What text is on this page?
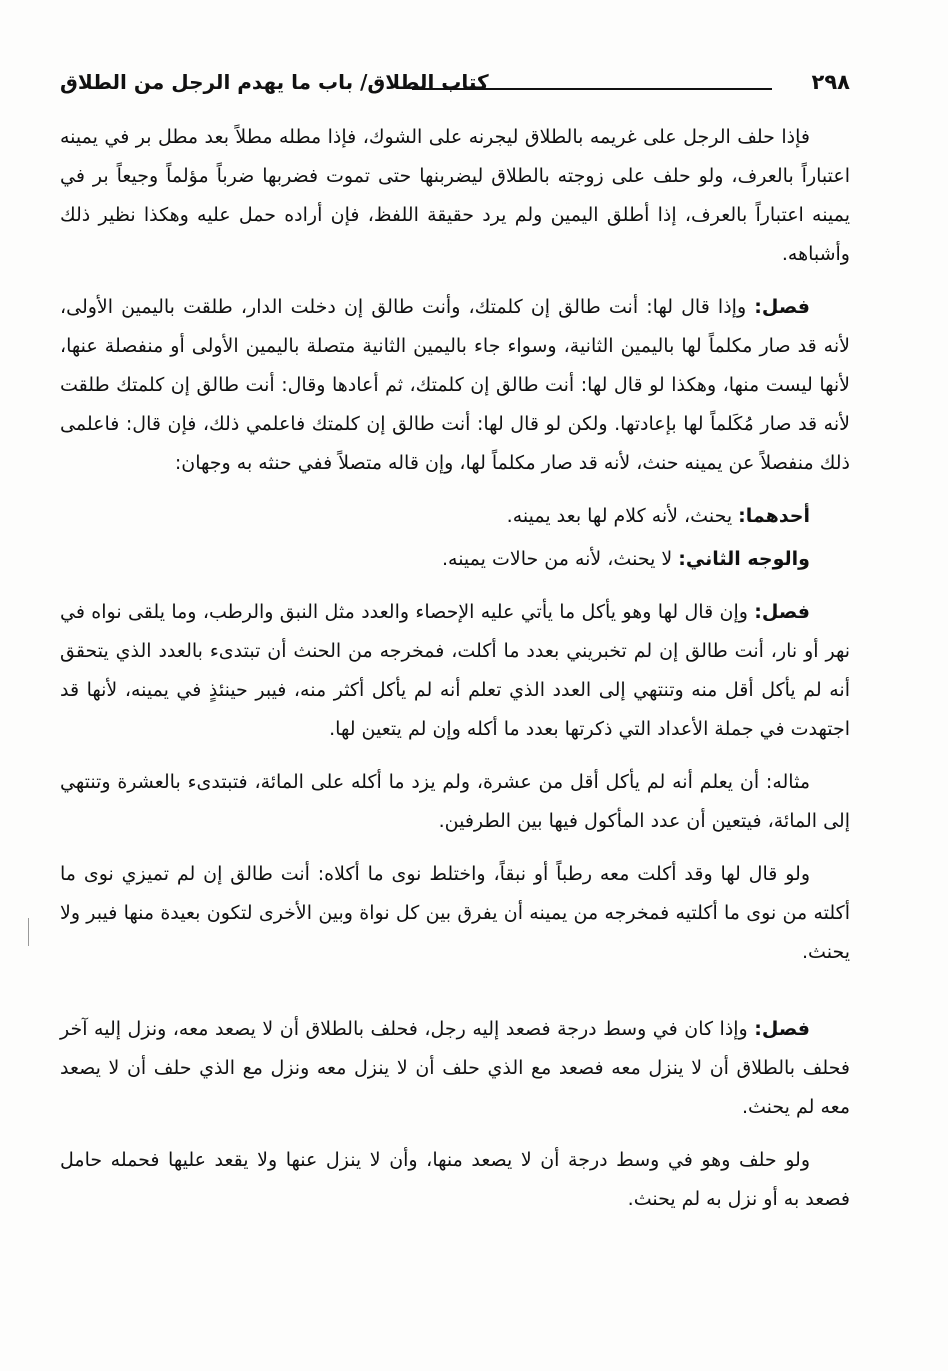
٢٩٨
كتاب الطلاق/ باب ما يهدم الرجل من الطلاق

فإذا حلف الرجل على غريمه بالطلاق ليجرنه على الشوك، فإذا مطله مطلاً بعد مطل بر في يمينه اعتباراً بالعرف، ولو حلف على زوجته بالطلاق ليضربنها حتى تموت فضربها ضرباً مؤلماً وجيعاً بر في يمينه اعتباراً بالعرف، إذا أطلق اليمين ولم يرد حقيقة اللفظ، فإن أراده حمل عليه وهكذا نظير ذلك وأشباهه.

فصل: وإذا قال لها: أنت طالق إن كلمتك، وأنت طالق إن دخلت الدار، طلقت باليمين الأولى، لأنه قد صار مكلماً لها باليمين الثانية، وسواء جاء باليمين الثانية متصلة باليمين الأولى أو منفصلة عنها، لأنها ليست منها، وهكذا لو قال لها: أنت طالق إن كلمتك، ثم أعادها وقال: أنت طالق إن كلمتك طلقت لأنه قد صار مُكَلماً لها بإعادتها. ولكن لو قال لها: أنت طالق إن كلمتك فاعلمي ذلك، فإن قال: فاعلمى ذلك منفصلاً عن يمينه حنث، لأنه قد صار مكلماً لها، وإن قاله متصلاً ففي حنثه به وجهان:

أحدهما: يحنث، لأنه كلام لها بعد يمينه.

والوجه الثاني: لا يحنث، لأنه من حالات يمينه.

فصل: وإن قال لها وهو يأكل ما يأتي عليه الإحصاء والعدد مثل النبق والرطب، وما يلقى نواه في نهر أو نار، أنت طالق إن لم تخبريني بعدد ما أكلت، فمخرجه من الحنث أن تبتدىء بالعدد الذي يتحقق أنه لم يأكل أقل منه وتنتهي إلى العدد الذي تعلم أنه لم يأكل أكثر منه، فيبر حينئذٍ في يمينه، لأنها قد اجتهدت في جملة الأعداد التي ذكرتها بعدد ما أكله وإن لم يتعين لها.

مثاله: أن يعلم أنه لم يأكل أقل من عشرة، ولم يزد ما أكله على المائة، فتبتدىء بالعشرة وتنتهي إلى المائة، فيتعين أن عدد المأكول فيها بين الطرفين.

ولو قال لها وقد أكلت معه رطباً أو نبقاً، واختلط نوى ما أكلاه: أنت طالق إن لم تميزي نوى ما أكلته من نوى ما أكلتيه فمخرجه من يمينه أن يفرق بين كل نواة وبين الأخرى لتكون بعيدة منها فيبر ولا يحنث.

فصل: وإذا كان في وسط درجة فصعد إليه رجل، فحلف بالطلاق أن لا يصعد معه، ونزل إليه آخر فحلف بالطلاق أن لا ينزل معه فصعد مع الذي حلف أن لا ينزل معه ونزل مع الذي حلف أن لا يصعد معه لم يحنث.

ولو حلف وهو في وسط درجة أن لا يصعد منها، وأن لا ينزل عنها ولا يقعد عليها فحمله حامل فصعد به أو نزل به لم يحنث.
